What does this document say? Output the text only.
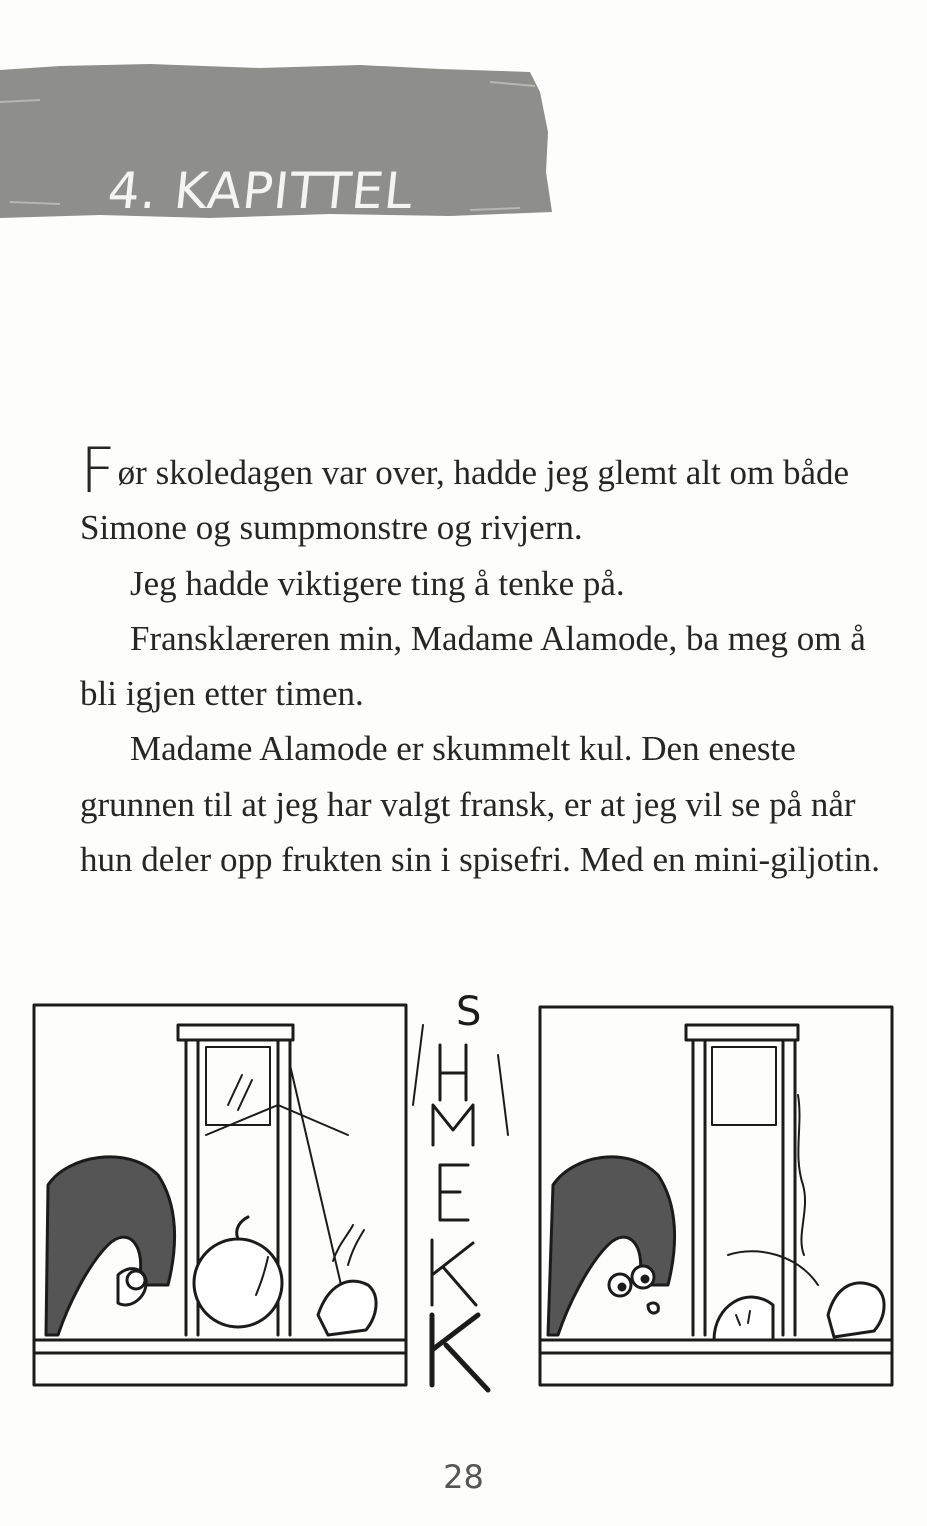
4. KAPITTEL

Før skoledagen var over, hadde jeg glemt alt om både Simone og sumpmonstre og rivjern.

Jeg hadde viktigere ting å tenke på.

Fransklæreren min, Madame Alamode, ba meg om å bli igjen etter timen.

Madame Alamode er skummelt kul. Den eneste grunnen til at jeg har valgt fransk, er at jeg vil se på når hun deler opp frukten sin i spisefri. Med en mini-giljotin.

S
28
